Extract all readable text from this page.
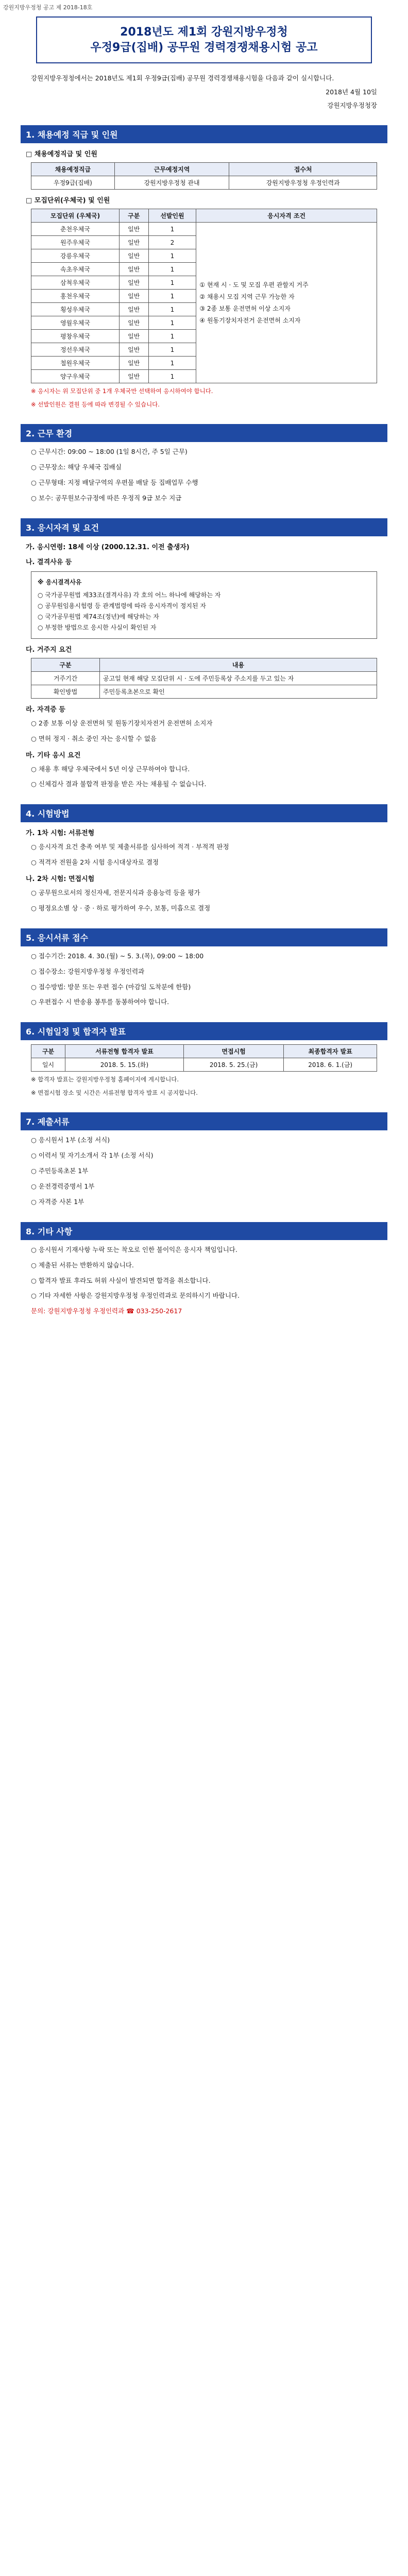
강원지방우정청 공고 제 2018-18호
2018년도 제1회 강원지방우정청
우정9급(집배) 공무원 경력경쟁채용시험 공고
강원지방우정청에서는 2018년도 제1회 우정9급(집배) 공무원 경력경쟁채용시험을 다음과 같이 실시합니다.
2018년 4월 10일
강원지방우정청장
1. 채용예정 직급 및 인원
□ 채용예정직급 및 인원
채용예정직급	근무예정지역	접수처
우정9급(집배)	강원지방우정청 관내	강원지방우정청 우정인력과
□ 모집단위(우체국) 및 인원
모집단위 (우체국)	구분	선발인원	응시자격 조건
춘천우체국	일반	1	① 현재 시 · 도 및 모집 우편 관할지 거주
② 채용시 모집 지역 근무 가능한 자
③ 2종 보통 운전면허 이상 소지자
④ 원동기장치자전거 운전면허 소지자

원주우체국	일반	2	
강릉우체국	일반	1	
속초우체국	일반	1	
삼척우체국	일반	1	
홍천우체국	일반	1	
횡성우체국	일반	1	
영월우체국	일반	1	
평창우체국	일반	1	
정선우체국	일반	1	
철원우체국	일반	1	
양구우체국	일반	1	
※ 응시자는 위 모집단위 중 1개 우체국만 선택하여 응시하여야 합니다.
※ 선발인원은 결원 등에 따라 변경될 수 있습니다.
2. 근무 환경
○ 근무시간: 09:00 ~ 18:00 (1일 8시간, 주 5일 근무)
○ 근무장소: 해당 우체국 집배실
○ 근무형태: 지정 배달구역의 우편물 배달 등 집배업무 수행
○ 보수: 공무원보수규정에 따른 우정직 9급 보수 지급
3. 응시자격 및 요건
가. 응시연령: 18세 이상 (2000.12.31. 이전 출생자)
나. 결격사유 등
※ 응시결격사유
○ 국가공무원법 제33조(결격사유) 각 호의 어느 하나에 해당하는 자
○ 공무원임용시험령 등 관계법령에 따라 응시자격이 정지된 자
○ 국가공무원법 제74조(정년)에 해당하는 자
○ 부정한 방법으로 응시한 사실이 확인된 자
다. 거주지 요건
구분	내용
거주기간	공고일 현재 해당 모집단위 시 · 도에 주민등록상 주소지를 두고 있는 자
확인방법	주민등록초본으로 확인
라. 자격증 등
○ 2종 보통 이상 운전면허 및 원동기장치자전거 운전면허 소지자
○ 면허 정지 · 취소 중인 자는 응시할 수 없음
마. 기타 응시 요건
○ 채용 후 해당 우체국에서 5년 이상 근무하여야 합니다.
○ 신체검사 결과 불합격 판정을 받은 자는 채용될 수 없습니다.
4. 시험방법
가. 1차 시험: 서류전형
○ 응시자격 요건 충족 여부 및 제출서류를 심사하여 적격 · 부적격 판정
○ 적격자 전원을 2차 시험 응시대상자로 결정
나. 2차 시험: 면접시험
○ 공무원으로서의 정신자세, 전문지식과 응용능력 등을 평가
○ 평정요소별 상 · 중 · 하로 평가하여 우수, 보통, 미흡으로 결정
5. 응시서류 접수
○ 접수기간: 2018. 4. 30.(월) ~ 5. 3.(목), 09:00 ~ 18:00
○ 접수장소: 강원지방우정청 우정인력과
○ 접수방법: 방문 또는 우편 접수 (마감일 도착분에 한함)
○ 우편접수 시 반송용 봉투를 동봉하여야 합니다.
6. 시험일정 및 합격자 발표
구분	서류전형 합격자 발표	면접시험	최종합격자 발표
일시	2018. 5. 15.(화)	2018. 5. 25.(금)	2018. 6. 1.(금)
※ 합격자 발표는 강원지방우정청 홈페이지에 게시합니다.
※ 면접시험 장소 및 시간은 서류전형 합격자 발표 시 공지합니다.
7. 제출서류
○ 응시원서 1부 (소정 서식)
○ 이력서 및 자기소개서 각 1부 (소정 서식)
○ 주민등록초본 1부
○ 운전경력증명서 1부
○ 자격증 사본 1부
8. 기타 사항
○ 응시원서 기재사항 누락 또는 착오로 인한 불이익은 응시자 책임입니다.
○ 제출된 서류는 반환하지 않습니다.
○ 합격자 발표 후라도 허위 사실이 발견되면 합격을 취소합니다.
○ 기타 자세한 사항은 강원지방우정청 우정인력과로 문의하시기 바랍니다.
문의: 강원지방우정청 우정인력과 ☎ 033-250-2617
